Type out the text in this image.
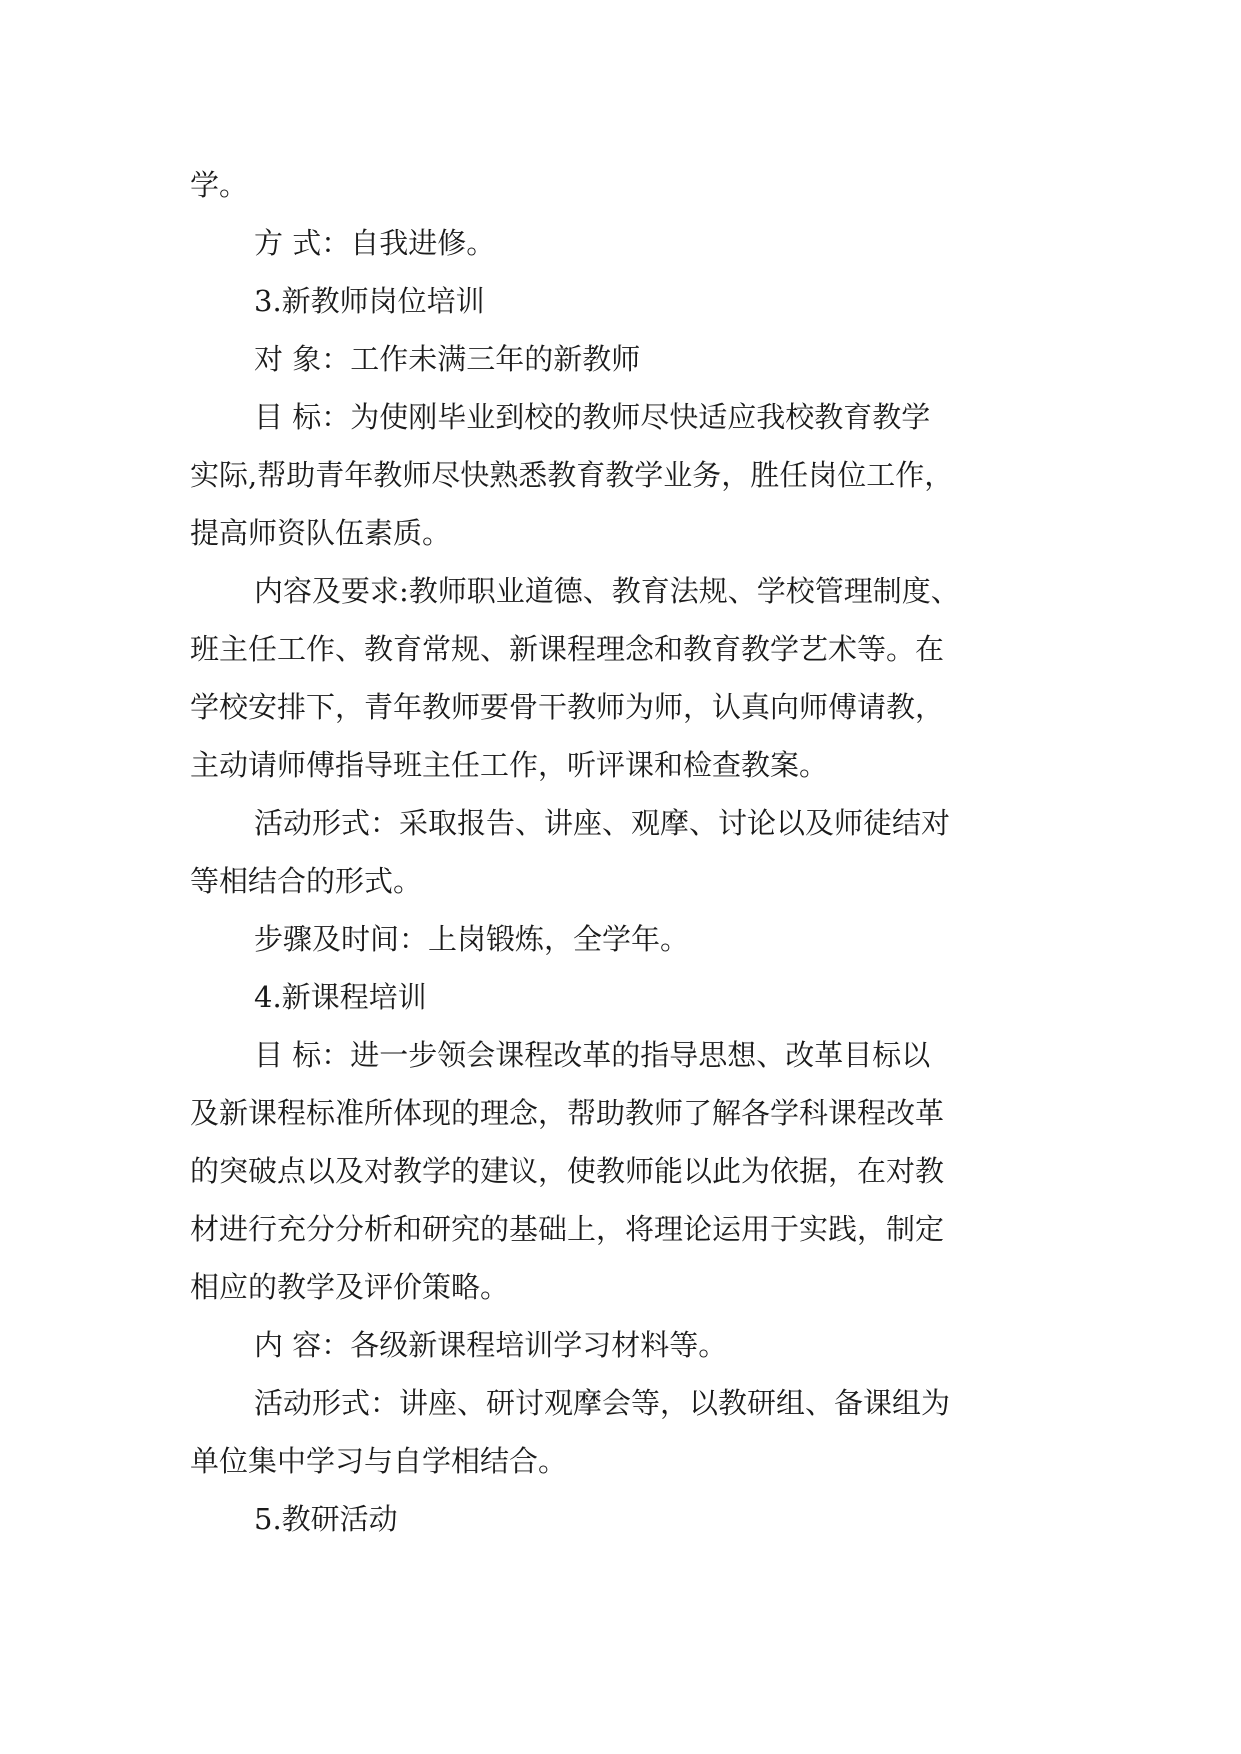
学。
方 式：自我进修。
3.新教师岗位培训
对 象：工作未满三年的新教师
目 标：为使刚毕业到校的教师尽快适应我校教育教学
实际,帮助青年教师尽快熟悉教育教学业务，胜任岗位工作，
提高师资队伍素质。
内容及要求:教师职业道德、教育法规、学校管理制度、
班主任工作、教育常规、新课程理念和教育教学艺术等。在
学校安排下，青年教师要骨干教师为师，认真向师傅请教，
主动请师傅指导班主任工作，听评课和检查教案。
活动形式：采取报告、讲座、观摩、讨论以及师徒结对
等相结合的形式。
步骤及时间：上岗锻炼，全学年。
4.新课程培训
目 标：进一步领会课程改革的指导思想、改革目标以
及新课程标准所体现的理念，帮助教师了解各学科课程改革
的突破点以及对教学的建议，使教师能以此为依据，在对教
材进行充分分析和研究的基础上，将理论运用于实践，制定
相应的教学及评价策略。
内 容：各级新课程培训学习材料等。
活动形式：讲座、研讨观摩会等，以教研组、备课组为
单位集中学习与自学相结合。
5.教研活动
